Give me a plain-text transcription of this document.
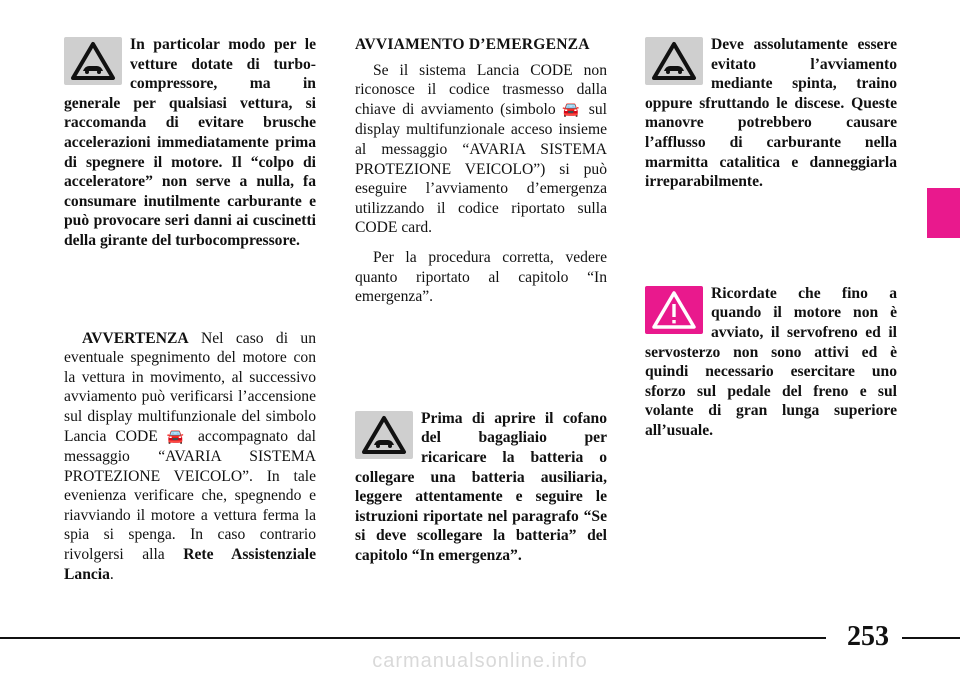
In particolar modo per le vetture dotate di turbo-compressore, ma in generale per qualsiasi vettura, si raccomanda di evitare brusche accelerazioni immediatamente prima di spegnere il motore. Il “colpo di acceleratore” non serve a nulla, fa consumare inutilmente carburante e può provocare seri danni ai cuscinetti della girante del turbocompressore.

AVVERTENZA Nel caso di un eventuale spegnimento del motore con la vettura in movimento, al successivo avviamento può verificarsi l’accensione sul display multifunzionale del simbolo Lancia CODE 🚘 accompagnato dal messaggio “AVARIA SISTEMA PROTEZIONE VEICOLO”. In tale evenienza verificare che, spegnendo e riavviando il motore a vettura ferma la spia si spenga. In caso contrario rivolgersi alla Rete Assistenziale Lancia.

AVVIAMENTO D’EMERGENZA

Se il sistema Lancia CODE non riconosce il codice trasmesso dalla chiave di avviamento (simbolo 🚘 sul display multifunzionale acceso insieme al messaggio “AVARIA SISTEMA PROTEZIONE VEICOLO”) si può eseguire l’avviamento d’emergenza utilizzando il codice riportato sulla CODE card.

Per la procedura corretta, vedere quanto riportato al capitolo “In emergenza”.

Prima di aprire il cofano del bagagliaio per ricaricare la batteria o collegare una batteria ausiliaria, leggere attentamente e seguire le istruzioni riportate nel paragrafo “Se si deve scollegare la batteria” del capitolo “In emergenza”.
Deve assolutamente essere evitato l’avviamento mediante spinta, traino oppure sfruttando le discese. Queste manovre potrebbero causare l’afflusso di carburante nella marmitta catalitica e danneggiarla irreparabilmente.
Ricordate che fino a quando il motore non è avviato, il servofreno ed il servosterzo non sono attivi ed è quindi necessario esercitare uno sforzo sul pedale del freno e sul volante di gran lunga superiore all’usuale.
253
carmanualsonline.info
